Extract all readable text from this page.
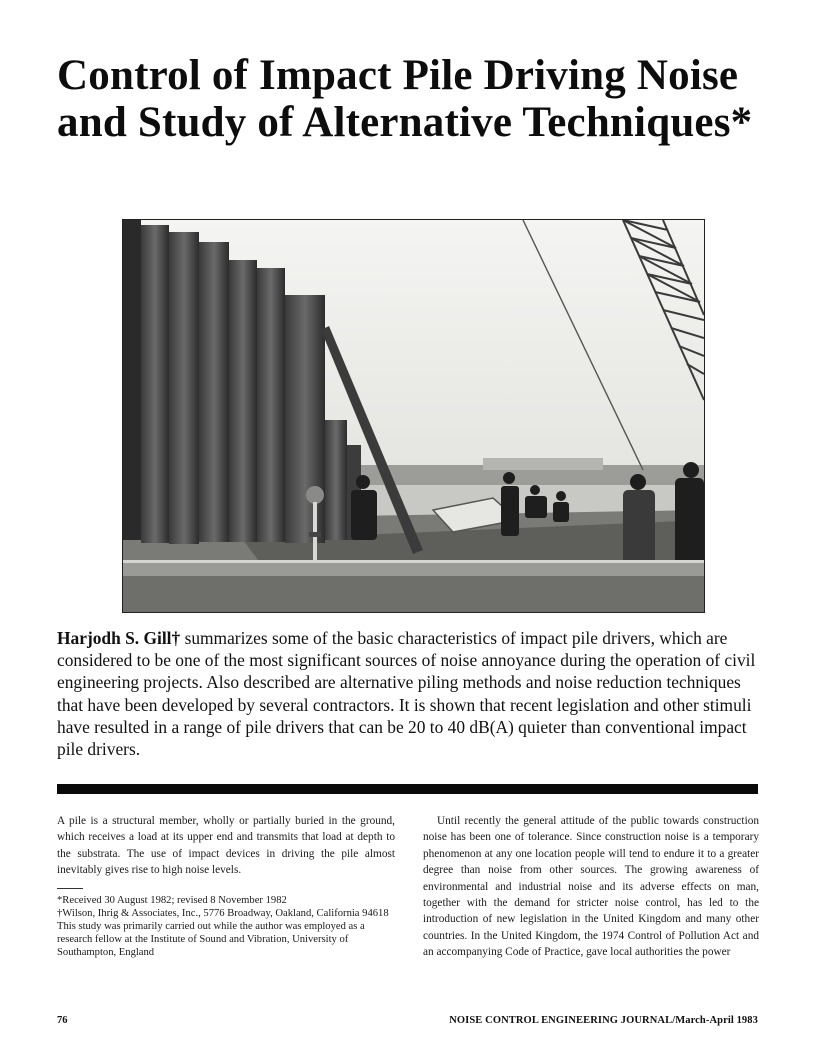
Control of Impact Pile Driving Noise and Study of Alternative Techniques*

Harjodh S. Gill† summarizes some of the basic characteristics of impact pile drivers, which are considered to be one of the most significant sources of noise annoyance during the operation of civil engineering projects. Also described are alternative piling methods and noise reduction techniques that have been developed by several contractors. It is shown that recent legislation and other stimuli have resulted in a range of pile drivers that can be 20 to 40 dB(A) quieter than conventional impact pile drivers.

A pile is a structural member, wholly or partially buried in the ground, which receives a load at its upper end and transmits that load at depth to the substrata. The use of impact devices in driving the pile almost inevitably gives rise to high noise levels.

*Received 30 August 1982; revised 8 November 1982

†Wilson, Ihrig & Associates, Inc., 5776 Broadway, Oakland, California 94618

This study was primarily carried out while the author was employed as a research fellow at the Institute of Sound and Vibration, University of Southampton, England

Until recently the general attitude of the public towards construction noise has been one of tolerance. Since construction noise is a temporary phenomenon at any one location people will tend to endure it to a greater degree than noise from other sources. The growing awareness of environmental and industrial noise and its adverse effects on man, together with the demand for stricter noise control, has led to the introduction of new legislation in the United Kingdom and many other countries. In the United Kingdom, the 1974 Control of Pollution Act and an accompanying Code of Practice, gave local authorities the power

76	NOISE CONTROL ENGINEERING JOURNAL/March-April 1983
